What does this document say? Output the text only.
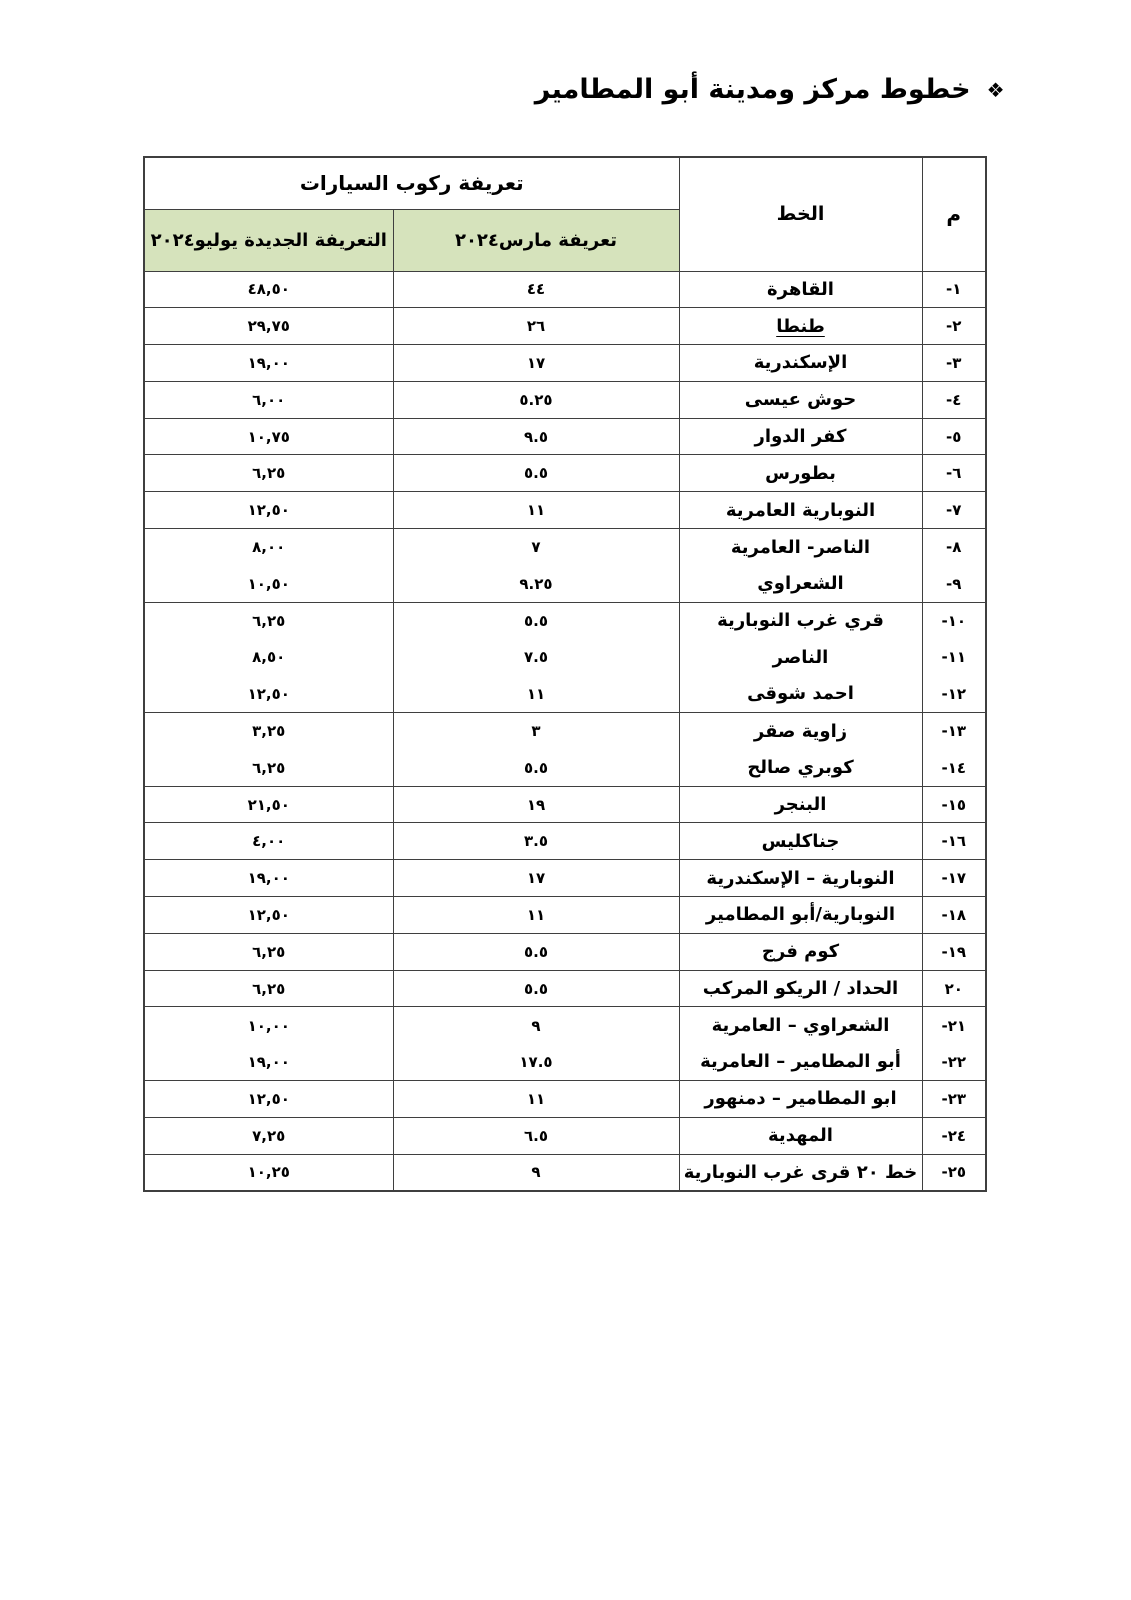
❖
خطوط مركز ومدينة أبو المطامير
م	الخط	تعريفة ركوب السيارات	
		تعريفة مارس٢٠٢٤	التعريفة الجديدة يوليو٢٠٢٤
١-	القاهرة	٤٤	٤٨,٥٠
٢-	طنطا	٢٦	٢٩,٧٥
٣-	الإسكندرية	١٧	١٩,٠٠
٤-	حوش عيسى	٥.٢٥	٦,٠٠
٥-	كفر الدوار	٩.٥	١٠,٧٥
٦-	بطورس	٥.٥	٦,٢٥
٧-	النوبارية العامرية	١١	١٢,٥٠
٨-	الناصر- العامرية	٧	٨,٠٠
٩-	الشعراوي	٩.٢٥	١٠,٥٠
١٠-	قري غرب النوبارية	٥.٥	٦,٢٥
١١-	الناصر	٧.٥	٨,٥٠
١٢-	احمد شوقى	١١	١٢,٥٠
١٣-	زاوية صقر	٣	٣,٢٥
١٤-	كوبري صالح	٥.٥	٦,٢٥
١٥-	البنجر	١٩	٢١,٥٠
١٦-	جناكليس	٣.٥	٤,٠٠
١٧-	النوبارية – الإسكندرية	١٧	١٩,٠٠
١٨-	النوبارية/أبو المطامير	١١	١٢,٥٠
١٩-	كوم فرج	٥.٥	٦,٢٥
٢٠	الحداد / الريكو المركب	٥.٥	٦,٢٥
٢١-	الشعراوي – العامرية	٩	١٠,٠٠
٢٢-	أبو المطامير – العامرية	١٧.٥	١٩,٠٠
٢٣-	ابو المطامير – دمنهور	١١	١٢,٥٠
٢٤-	المهدية	٦.٥	٧,٢٥
٢٥-	خط ٢٠ قرى غرب النوبارية	٩	١٠,٢٥
